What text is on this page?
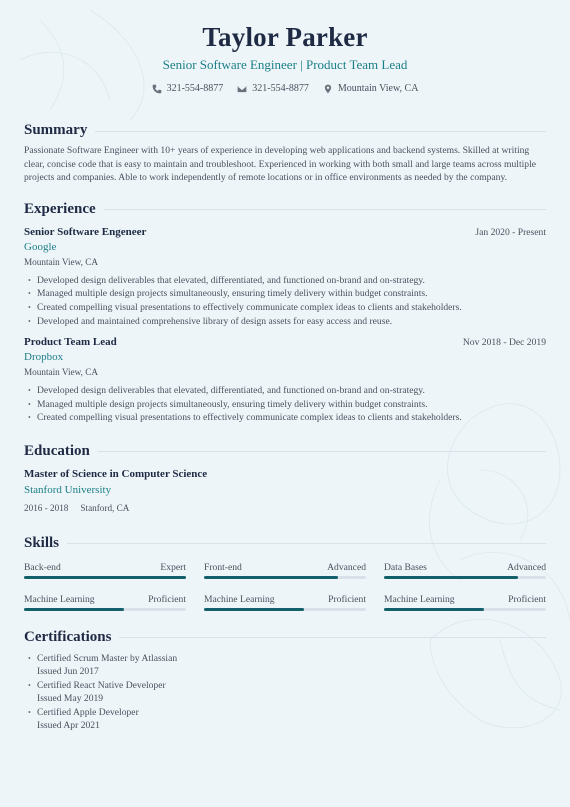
Taylor Parker
Senior Software Engineer | Product Team Lead
321-554-8877	321-554-8877	Mountain View, CA
Summary
Passionate Software Engineer with 10+ years of experience in developing web applications and backend systems. Skilled at writing clear, concise code that is easy to maintain and troubleshoot. Experienced in working with both small and large teams across multiple projects and companies. Able to work independently of remote locations or in office environments as needed by the company.
Experience
Senior Software Engeneer	Jan 2020 - Present
Google
Mountain View, CA
• Developed design deliverables that elevated, differentiated, and functioned on-brand and on-strategy.
• Managed multiple design projects simultaneously, ensuring timely delivery within budget constraints.
• Created compelling visual presentations to effectively communicate complex ideas to clients and stakeholders.
• Developed and maintained comprehensive library of design assets for easy access and reuse.
Product Team Lead	Nov 2018 - Dec 2019
Dropbox
Mountain View, CA
• Developed design deliverables that elevated, differentiated, and functioned on-brand and on-strategy.
• Managed multiple design projects simultaneously, ensuring timely delivery within budget constraints.
• Created compelling visual presentations to effectively communicate complex ideas to clients and stakeholders.
Education
Master of Science in Computer Science
Stanford University
2016 - 2018 Stanford, CA
Skills
Back-end	Expert Front-end	Advanced Data Bases	Advanced
Machine Learning	Proficient Machine Learning	Proficient Machine Learning	Proficient
Certifications
• Certified Scrum Master by Atlassian
Issued Jun 2017
• Certified React Native Developer
Issued May 2019
• Certified Apple Developer
Issued Apr 2021
